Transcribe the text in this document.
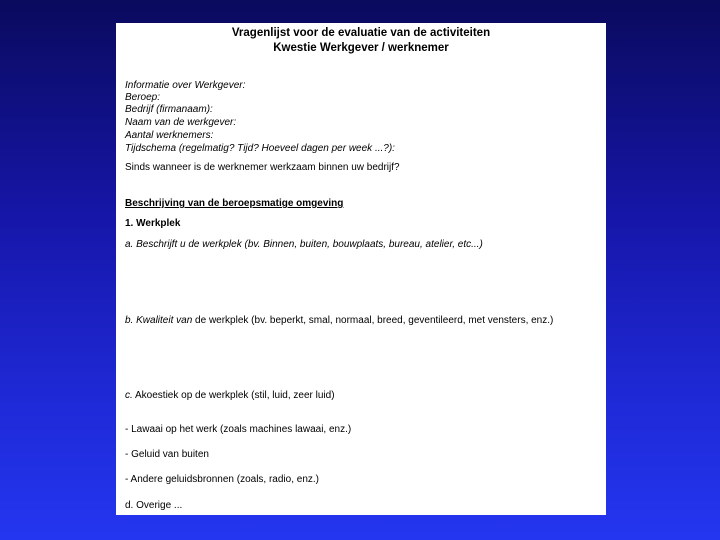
Vragenlijst voor de evaluatie van de activiteiten
Kwestie Werkgever / werknemer
Informatie over Werkgever:
Beroep:
Bedrijf (firmanaam):
Naam van de werkgever:
Aantal werknemers:
Tijdschema (regelmatig? Tijd? Hoeveel dagen per week ...?):
Sinds wanneer is de werknemer werkzaam binnen uw bedrijf?
Beschrijving van de beroepsmatige omgeving
1. Werkplek
a. Beschrijft u de werkplek (bv. Binnen, buiten, bouwplaats, bureau, atelier, etc...)
b. Kwaliteit van de werkplek (bv. beperkt, smal, normaal, breed, geventileerd, met vensters, enz.)
c. Akoestiek op de werkplek (stil, luid, zeer luid)
- Lawaai op het werk (zoals machines lawaai, enz.)
- Geluid van buiten
- Andere geluidsbronnen (zoals, radio, enz.)
d. Overige ...
